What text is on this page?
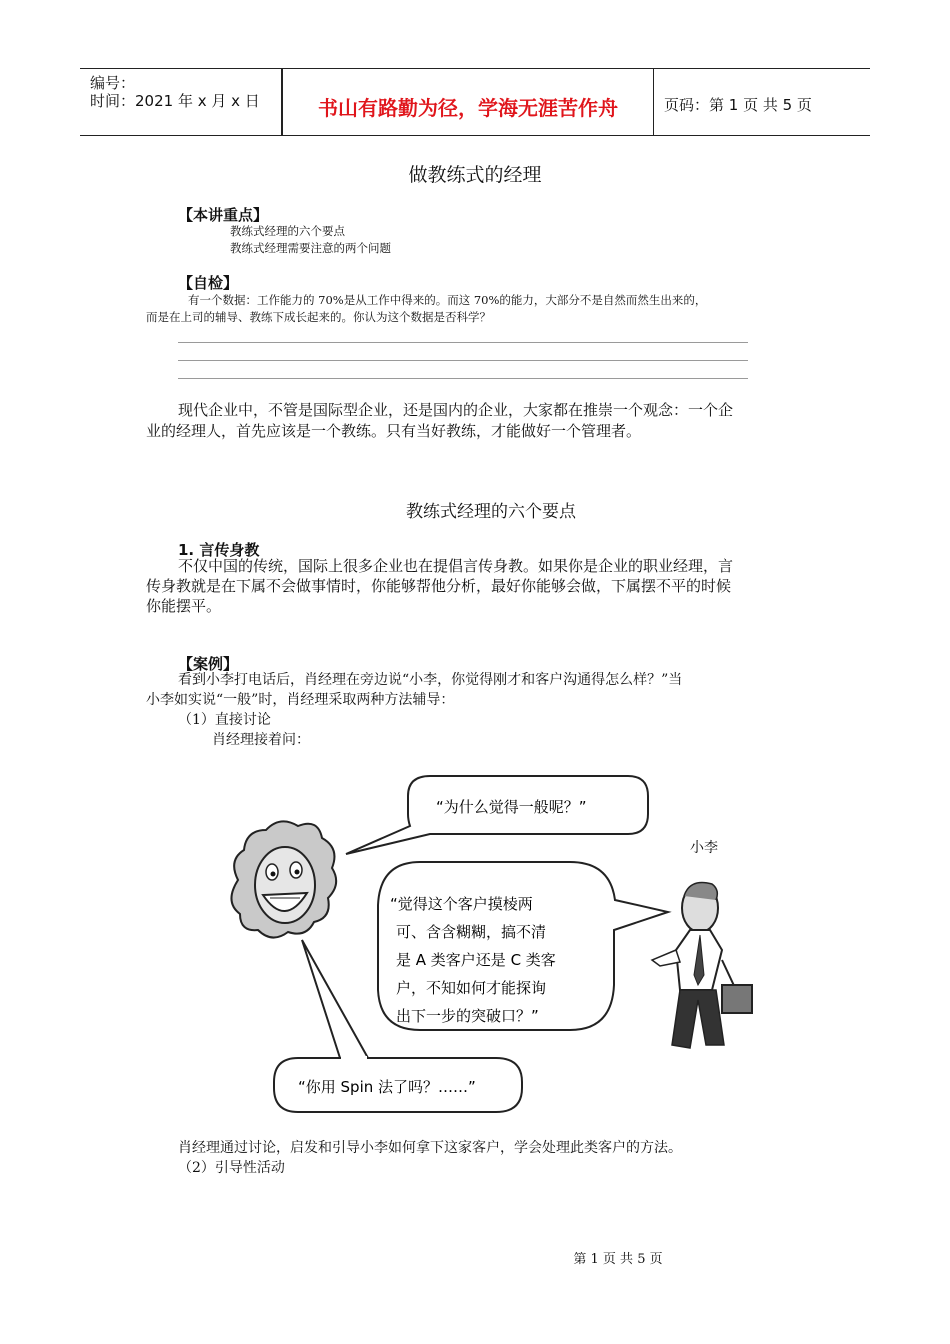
编号：
时间：2021 年 x 月 x 日	书山有路勤为径，学海无涯苦作舟	页码：第 1 页 共 5 页
做教练式的经理
【本讲重点】
教练式经理的六个要点
教练式经理需要注意的两个问题
【自检】
有一个数据：工作能力的 70%是从工作中得来的。而这 70%的能力，大部分不是自然而然生出来的，
而是在上司的辅导、教练下成长起来的。你认为这个数据是否科学？
现代企业中，不管是国际型企业，还是国内的企业，大家都在推崇一个观念：一个企
业的经理人，首先应该是一个教练。只有当好教练，才能做好一个管理者。
教练式经理的六个要点
1. 言传身教
不仅中国的传统，国际上很多企业也在提倡言传身教。如果你是企业的职业经理，言
传身教就是在下属不会做事情时，你能够帮他分析，最好你能够会做，下属摆不平的时候
你能摆平。
【案例】
看到小李打电话后，肖经理在旁边说“小李，你觉得刚才和客户沟通得怎么样？”当
小李如实说“一般”时，肖经理采取两种方法辅导：
（1）直接讨论
肖经理接着问：
“为什么觉得一般呢？”
“觉得这个客户摸棱两
可、含含糊糊，搞不清
是 A 类客户还是 C 类客
户，不知如何才能探询
出下一步的突破口？”
“你用 Spin 法了吗？……”
小李
肖经理通过讨论，启发和引导小李如何拿下这家客户，学会处理此类客户的方法。
（2）引导性活动
第 1 页 共 5 页
